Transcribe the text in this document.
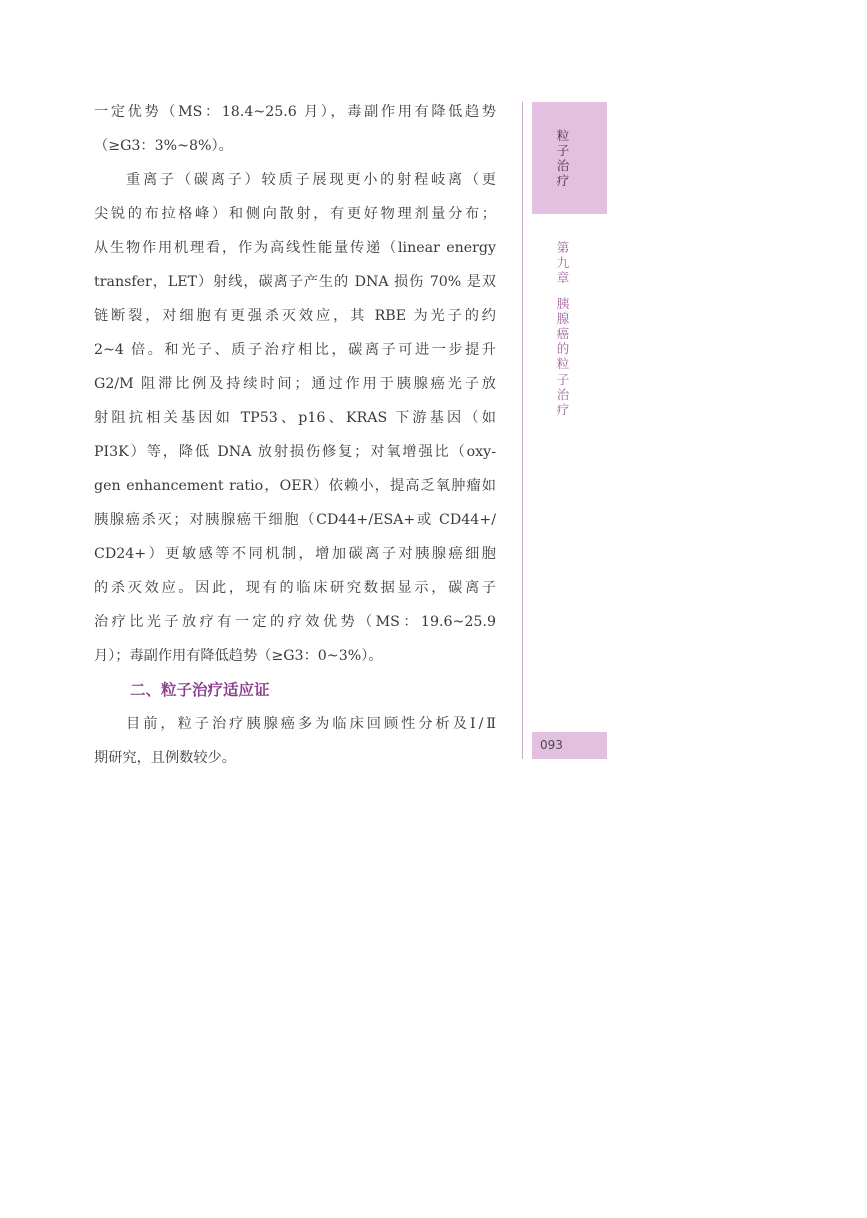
一定优势（MS：18.4~25.6 月），毒副作用有降低趋势
（≥G3：3%~8%）。
重离子（碳离子）较质子展现更小的射程岐离（更
尖锐的布拉格峰）和侧向散射，有更好物理剂量分布；
从生物作用机理看，作为高线性能量传递（linear energy
transfer，LET）射线，碳离子产生的 DNA 损伤 70% 是双
链断裂，对细胞有更强杀灭效应，其 RBE 为光子的约
2~4 倍。和光子、质子治疗相比，碳离子可进一步提升
G2/M 阻滞比例及持续时间；通过作用于胰腺癌光子放
射阻抗相关基因如 TP53、p16、KRAS 下游基因（如
PI3K）等，降低 DNA 放射损伤修复；对氧增强比（oxy-
gen enhancement ratio，OER）依赖小，提高乏氧肿瘤如
胰腺癌杀灭；对胰腺癌干细胞（CD44+/ESA+或 CD44+/
CD24+）更敏感等不同机制，增加碳离子对胰腺癌细胞
的杀灭效应。因此，现有的临床研究数据显示，碳离子
治疗比光子放疗有一定的疗效优势（MS：19.6~25.9
月）；毒副作用有降低趋势（≥G3：0~3%）。
二、粒子治疗适应证
目前，粒子治疗胰腺癌多为临床回顾性分析及Ⅰ/Ⅱ
期研究，且例数较少。
粒子治疗
第九章
胰腺癌的粒子治疗
093
